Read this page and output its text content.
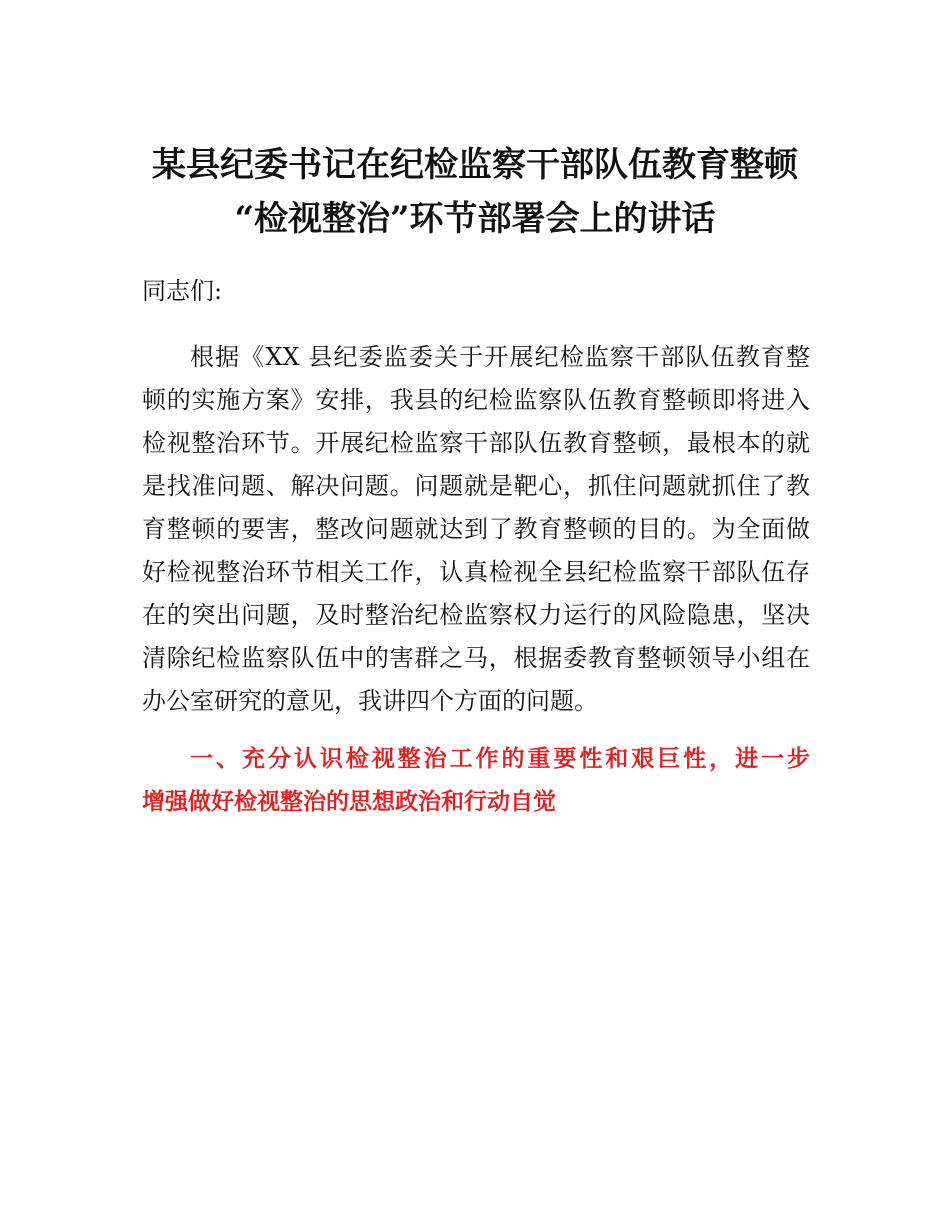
某县纪委书记在纪检监察干部队伍教育整顿
“检视整治”环节部署会上的讲话

同志们:

根据《XX 县纪委监委关于开展纪检监察干部队伍教育整
顿的实施方案》安排，我县的纪检监察队伍教育整顿即将进入
检视整治环节。开展纪检监察干部队伍教育整顿，最根本的就
是找准问题、解决问题。问题就是靶心，抓住问题就抓住了教
育整顿的要害，整改问题就达到了教育整顿的目的。为全面做
好检视整治环节相关工作，认真检视全县纪检监察干部队伍存
在的突出问题，及时整治纪检监察权力运行的风险隐患，坚决
清除纪检监察队伍中的害群之马，根据委教育整顿领导小组在
办公室研究的意见，我讲四个方面的问题。

一、充分认识检视整治工作的重要性和艰巨性，进一步
增强做好检视整治的思想政治和行动自觉
